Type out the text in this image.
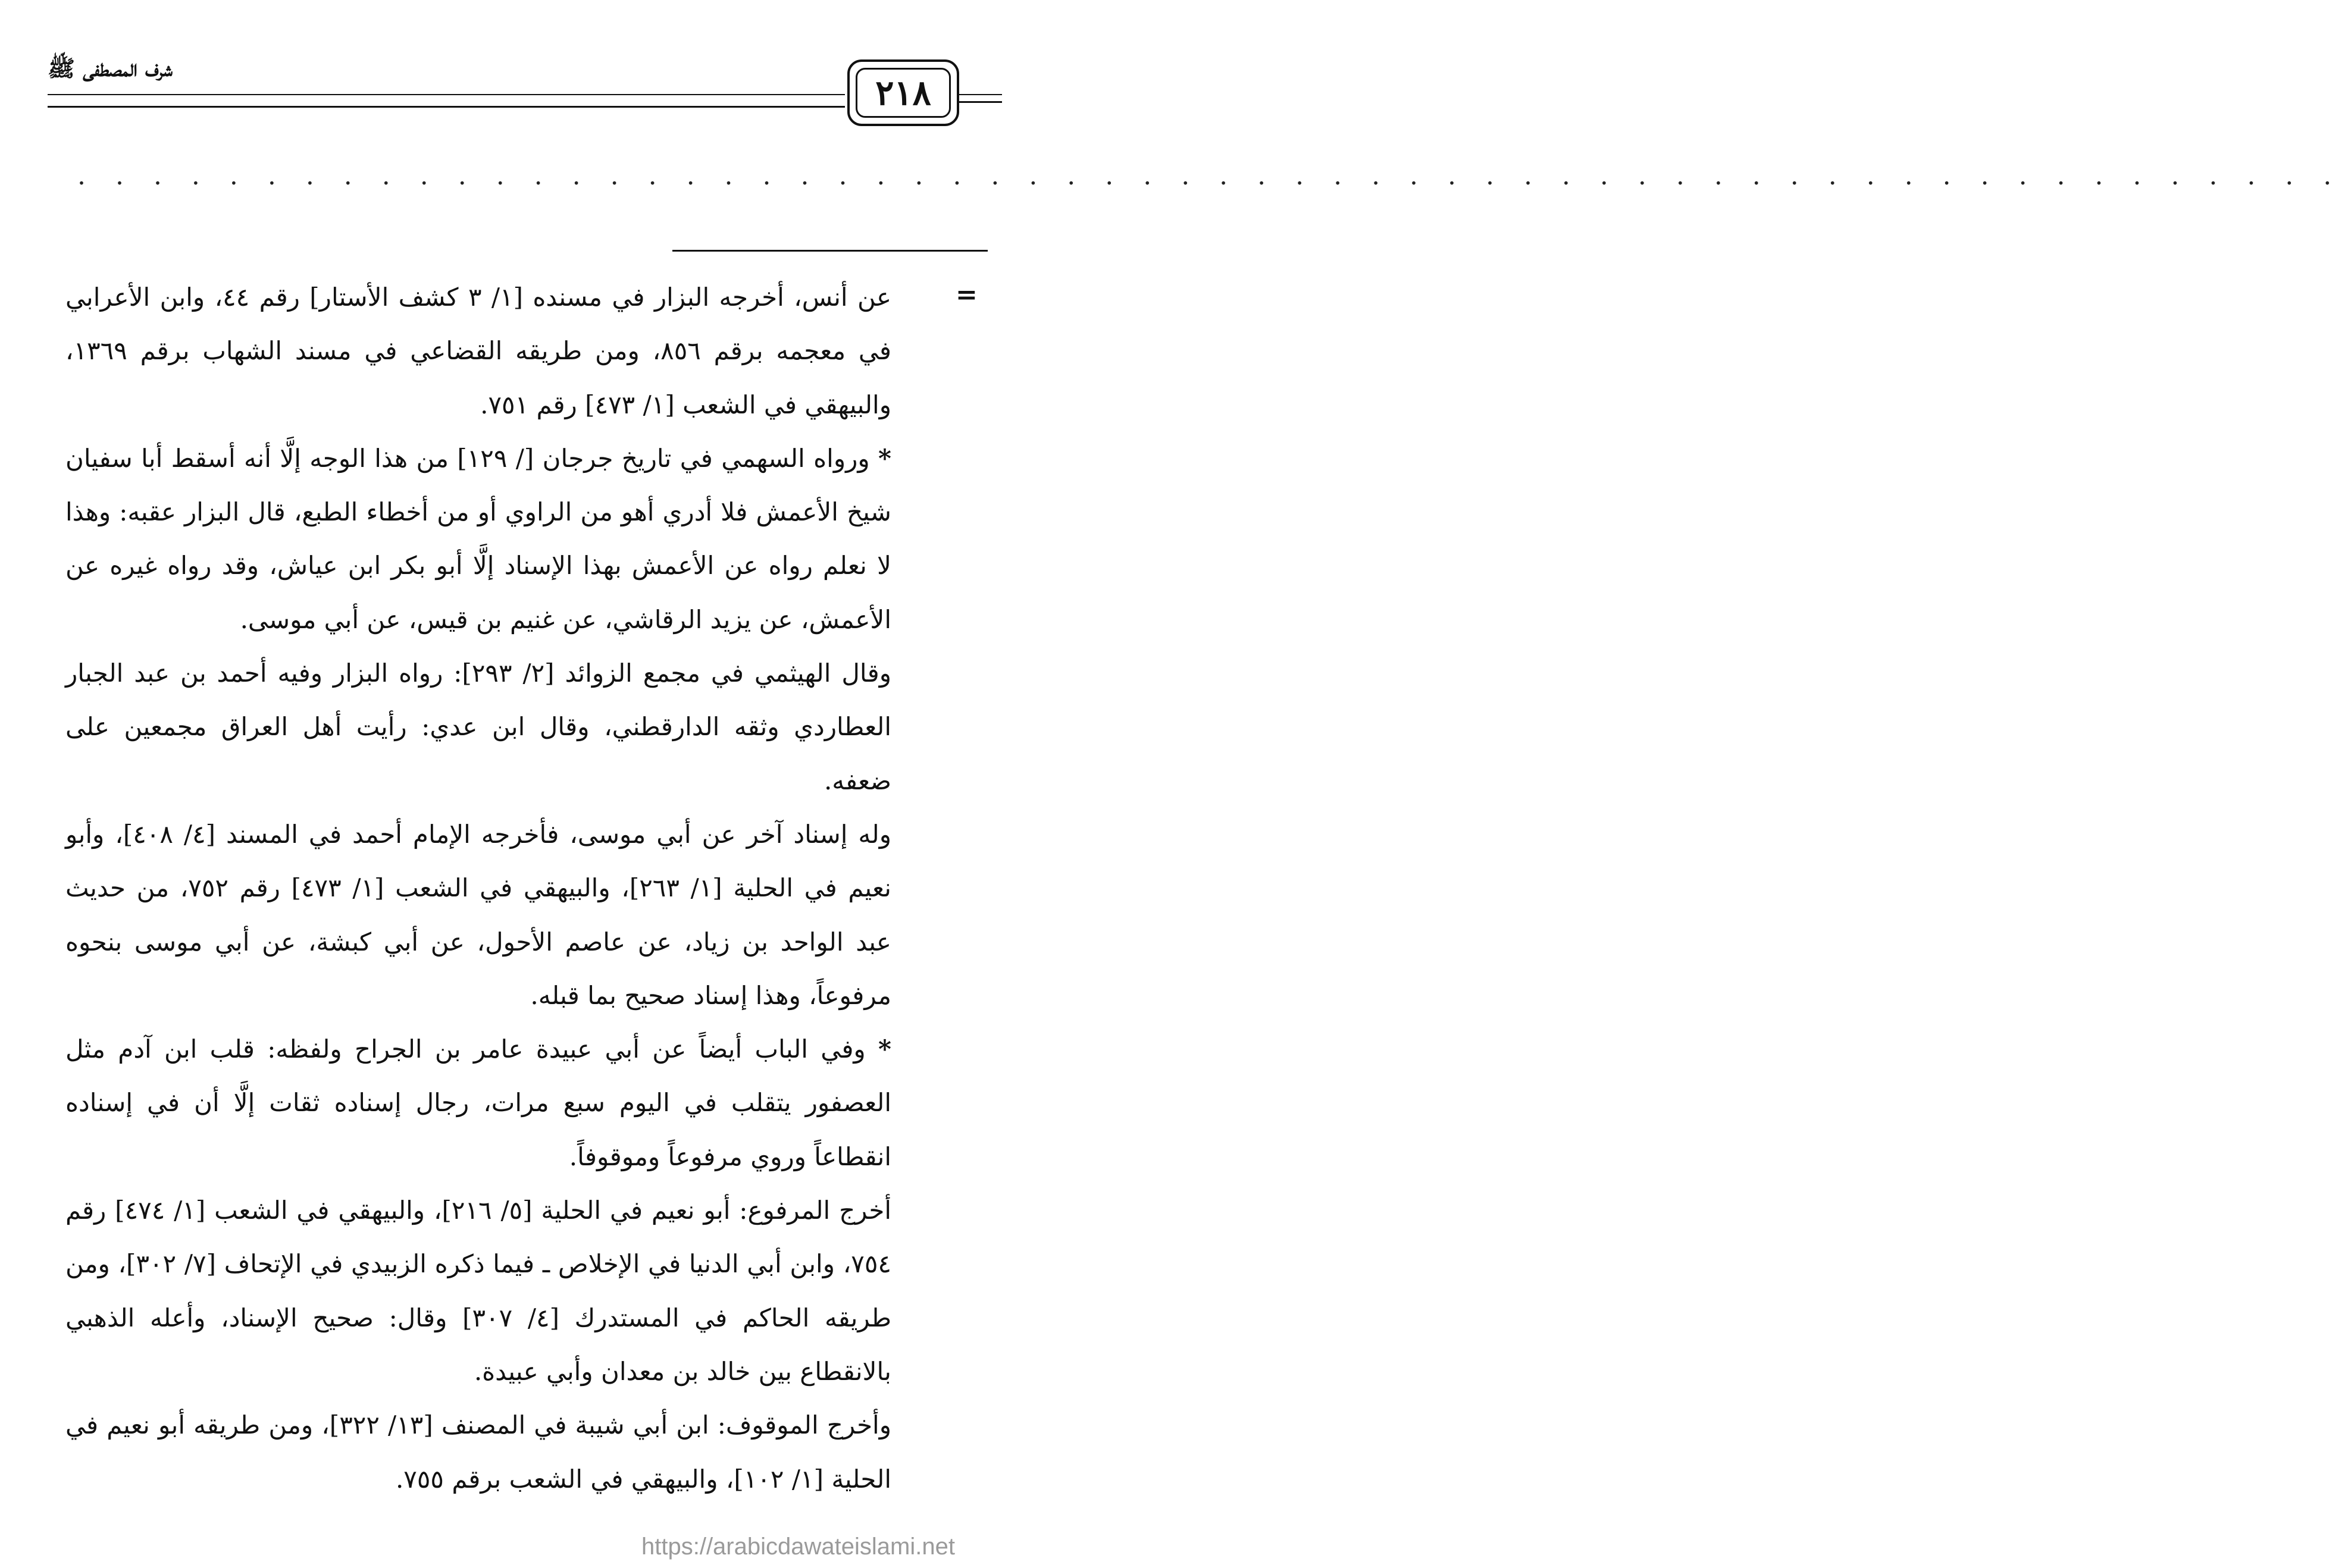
شرف المصطفى ﷺ
٢١٨
. . . . . . . . . . . . . . . . . . . . . . . . . . . . . . . . . . . . . . . . . . . . . . . . . . . . . . . . . . . .
=

عن أنس، أخرجه البزار في مسنده [١/ ٣ كشف الأستار] رقم ٤٤، وابن الأعرابي في معجمه برقم ٨٥٦، ومن طريقه القضاعي في مسند الشهاب برقم ١٣٦٩، والبيهقي في الشعب [١/ ٤٧٣] رقم ٧٥١.

* ورواه السهمي في تاريخ جرجان [/ ١٢٩] من هذا الوجه إلَّا أنه أسقط أبا سفيان شيخ الأعمش فلا أدري أهو من الراوي أو من أخطاء الطبع، قال البزار عقبه: وهذا لا نعلم رواه عن الأعمش بهذا الإسناد إلَّا أبو بكر ابن عياش، وقد رواه غيره عن الأعمش، عن يزيد الرقاشي، عن غنيم بن قيس، عن أبي موسى.

وقال الهيثمي في مجمع الزوائد [٢/ ٢٩٣]: رواه البزار وفيه أحمد بن عبد الجبار العطاردي وثقه الدارقطني، وقال ابن عدي: رأيت أهل العراق مجمعين على ضعفه.

وله إسناد آخر عن أبي موسى، فأخرجه الإمام أحمد في المسند [٤/ ٤٠٨]، وأبو نعيم في الحلية [١/ ٢٦٣]، والبيهقي في الشعب [١/ ٤٧٣] رقم ٧٥٢، من حديث عبد الواحد بن زياد، عن عاصم الأحول، عن أبي كبشة، عن أبي موسى بنحوه مرفوعاً، وهذا إسناد صحيح بما قبله.

* وفي الباب أيضاً عن أبي عبيدة عامر بن الجراح ولفظه: قلب ابن آدم مثل العصفور يتقلب في اليوم سبع مرات، رجال إسناده ثقات إلَّا أن في إسناده انقطاعاً وروي مرفوعاً وموقوفاً.

أخرج المرفوع: أبو نعيم في الحلية [٥/ ٢١٦]، والبيهقي في الشعب [١/ ٤٧٤] رقم ٧٥٤، وابن أبي الدنيا في الإخلاص ـ فيما ذكره الزبيدي في الإتحاف [٧/ ٣٠٢]، ومن طريقه الحاكم في المستدرك [٤/ ٣٠٧] وقال: صحيح الإسناد، وأعله الذهبي بالانقطاع بين خالد بن معدان وأبي عبيدة.

وأخرج الموقوف: ابن أبي شيبة في المصنف [١٣/ ٣٢٢]، ومن طريقه أبو نعيم في الحلية [١/ ١٠٢]، والبيهقي في الشعب برقم ٧٥٥.

https://arabicdawateislami.net
